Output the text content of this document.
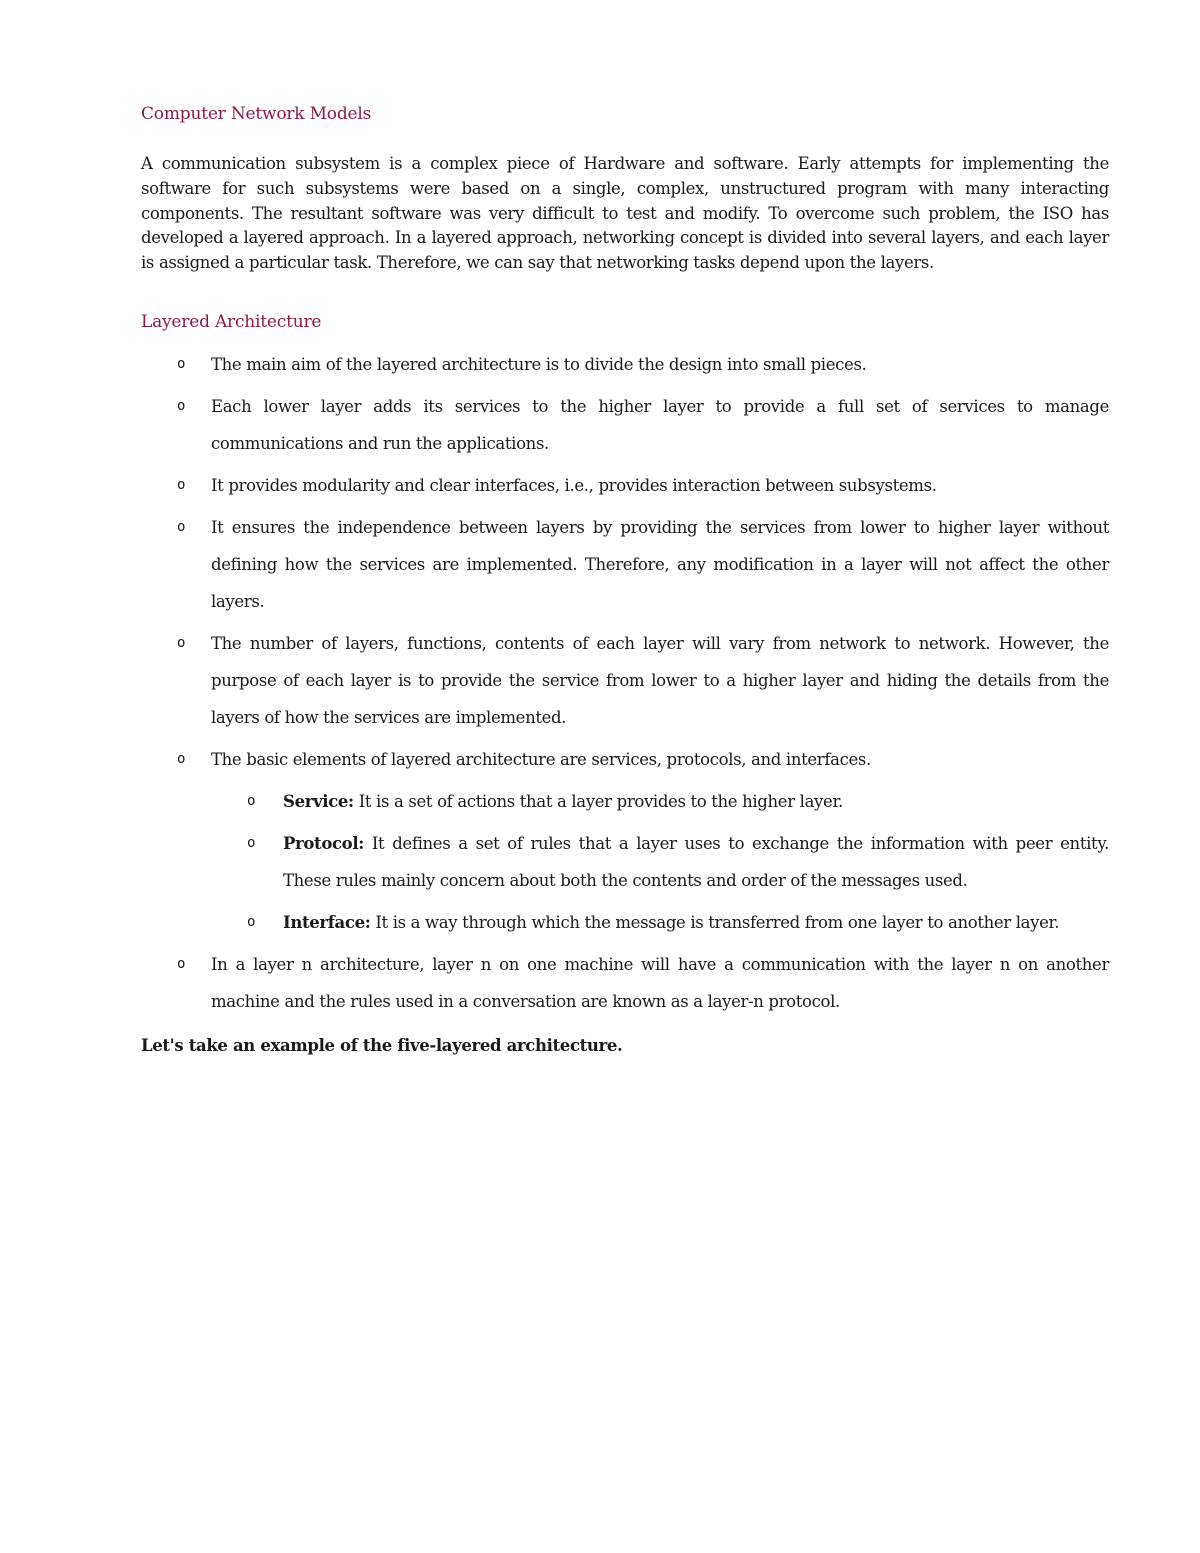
Computer Network Models

A communication subsystem is a complex piece of Hardware and software. Early attempts for implementing the software for such subsystems were based on a single, complex, unstructured program with many interacting components. The resultant software was very difficult to test and modify. To overcome such problem, the ISO has developed a layered approach. In a layered approach, networking concept is divided into several layers, and each layer is assigned a particular task. Therefore, we can say that networking tasks depend upon the layers.

Layered Architecture
o The main aim of the layered architecture is to divide the design into small pieces.
o Each lower layer adds its services to the higher layer to provide a full set of services to manage communications and run the applications.
o It provides modularity and clear interfaces, i.e., provides interaction between subsystems.
o It ensures the independence between layers by providing the services from lower to higher layer without defining how the services are implemented. Therefore, any modification in a layer will not affect the other layers.
o The number of layers, functions, contents of each layer will vary from network to network. However, the purpose of each layer is to provide the service from lower to a higher layer and hiding the details from the layers of how the services are implemented.
o The basic elements of layered architecture are services, protocols, and interfaces.
o Service: It is a set of actions that a layer provides to the higher layer.
o Protocol: It defines a set of rules that a layer uses to exchange the information with peer entity. These rules mainly concern about both the contents and order of the messages used.
o Interface: It is a way through which the message is transferred from one layer to another layer.
o In a layer n architecture, layer n on one machine will have a communication with the layer n on another machine and the rules used in a conversation are known as a layer-n protocol.

Let's take an example of the five-layered architecture.
